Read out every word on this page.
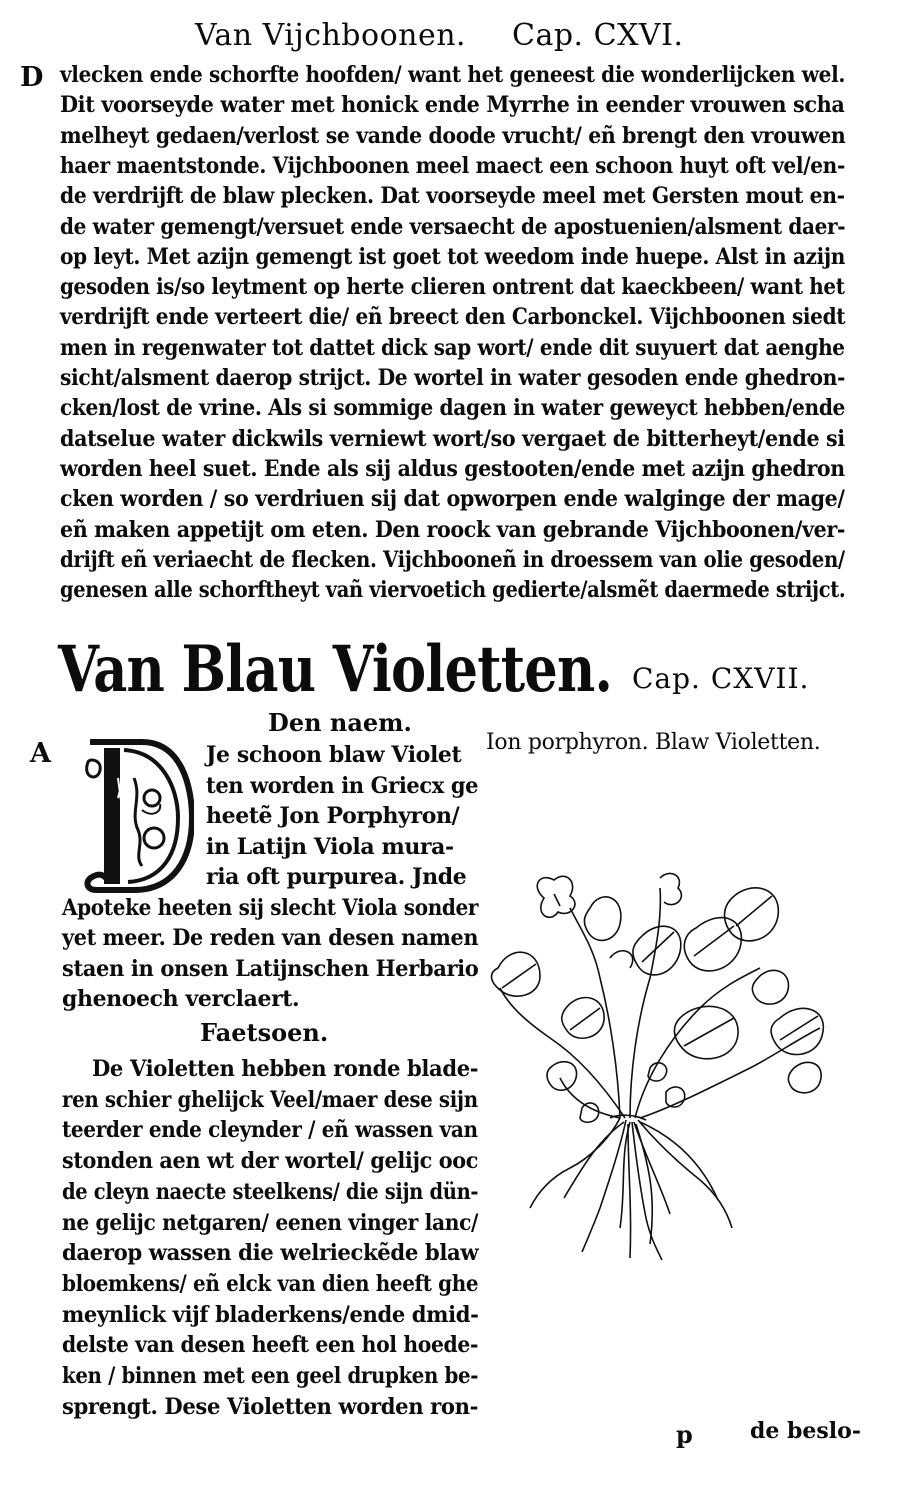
Van Vijchboonen. Cap. CXVI.
D vlecken ende schorfte hoofden/ want het geneest die wonderlijcken wel.
Dit voorseyde water met honick ende Myrrhe in eender vrouwen scha
melheyt gedaen/verlost se vande doode vrucht/ eñ brengt den vrouwen
haer maentstonde. Vijchboonen meel maect een schoon huyt oft vel/en-
de verdrijft de blaw plecken. Dat voorseyde meel met Gersten mout en-
de water gemengt/versuet ende versaecht de apostuenien/alsment daer-
op leyt. Met azijn gemengt ist goet tot weedom inde huepe. Alst in azijn
gesoden is/so leytment op herte clieren ontrent dat kaeckbeen/ want het
verdrijft ende verteert die/ eñ breect den Carbonckel. Vijchboonen siedt
men in regenwater tot dattet dick sap wort/ ende dit suyuert dat aenghe
sicht/alsment daerop strijct. De wortel in water gesoden ende ghedron-
cken/lost de vrine. Als si sommige dagen in water geweyct hebben/ende
datselue water dickwils verniewt wort/so vergaet de bitterheyt/ende si
worden heel suet. Ende als sij aldus gestooten/ende met azijn ghedron
cken worden / so verdriuen sij dat opworpen ende walginge der mage/
eñ maken appetijt om eten. Den roock van gebrande Vijchboonen/ver-
drijft eñ veriaecht de flecken. Vijchbooneñ in droessem van olie gesoden/
genesen alle schorftheyt vañ viervoetich gedierte/alsmẽt daermede strijct.
Van Blau Violetten. Cap. CXVII.
Den naem.
A	Je schoon blaw Violet
ten worden in Griecx ge
heetẽ Jon Porphyron/
in Latijn Viola mura-
ria oft purpurea. Jnde
Apoteke heeten sij slecht Viola sonder
yet meer. De reden van desen namen
staen in onsen Latijnschen Herbario
ghenoech verclaert.
Faetsoen.
De Violetten hebben ronde blade-
ren schier ghelijck Veel/maer dese sijn
teerder ende cleynder / eñ wassen van
stonden aen wt der wortel/ gelijc ooc
de cleyn naecte steelkens/ die sijn dün-
ne gelijc netgaren/ eenen vinger lanc/
daerop wassen die welrieckẽde blaw
bloemkens/ eñ elck van dien heeft ghe
meynlick vijf bladerkens/ende dmid-
delste van desen heeft een hol hoede-
ken / binnen met een geel drupken be-
sprengt. Dese Violetten worden ron-
Ion porphyron. Blaw Violetten.
p	de beslo-
